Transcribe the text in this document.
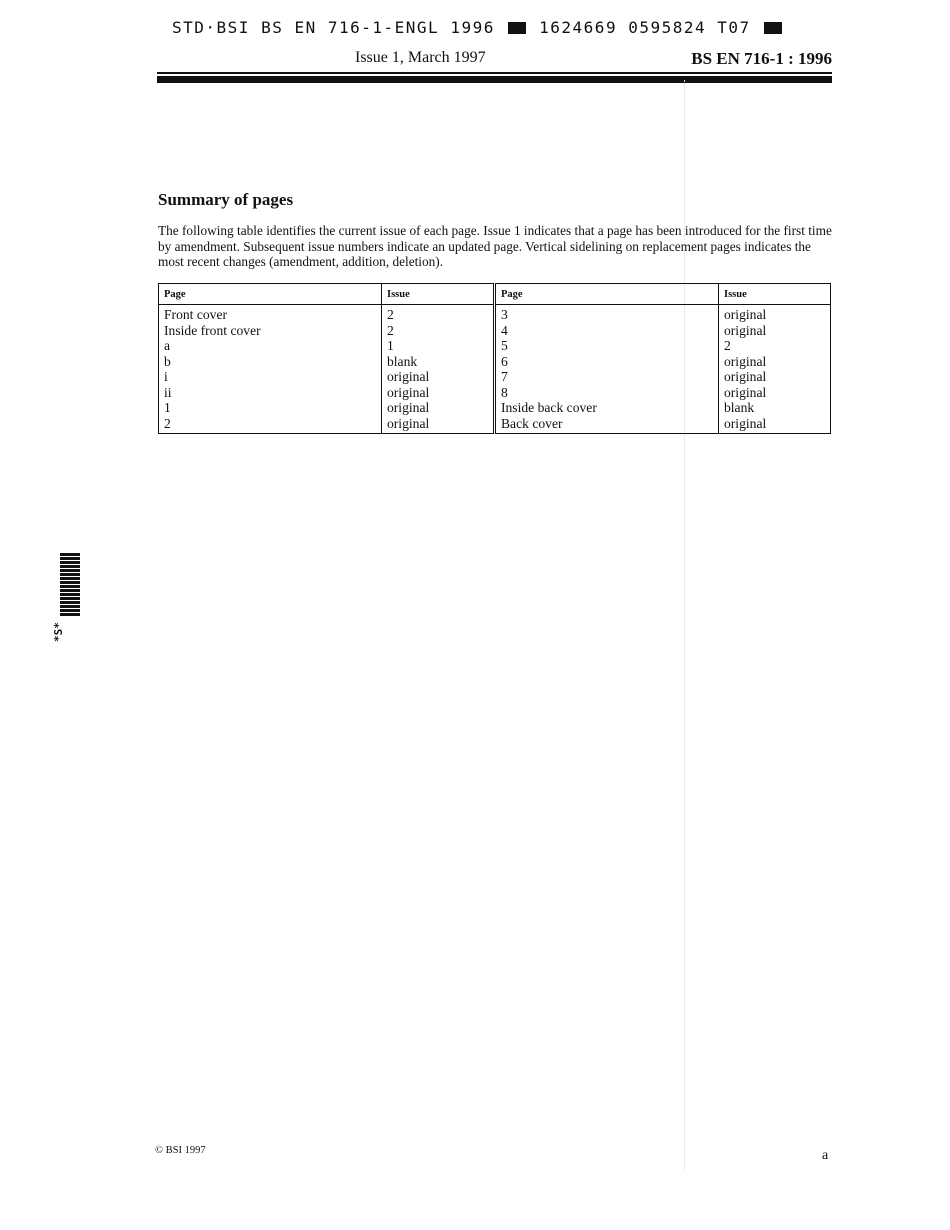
STD·BSI BS EN 716-1-ENGL 1996	1624669 0595824 T07
Issue 1, March 1997	BS EN 716-1 : 1996
Summary of pages
The following table identifies the current issue of each page. Issue 1 indicates that a page has been introduced for the first time by amendment. Subsequent issue numbers indicate an updated page. Vertical sidelining on replacement pages indicates the most recent changes (amendment, addition, deletion).
Page	Issue	Page	Issue
Front cover	2	3	original
Inside front cover	2	4	original
a	1	5	2
b	blank	6	original
i	original	7	original
ii	original	8	original
1	original	Inside back cover	blank
2	original	Back cover	original
*S*
© BSI 1997	a
